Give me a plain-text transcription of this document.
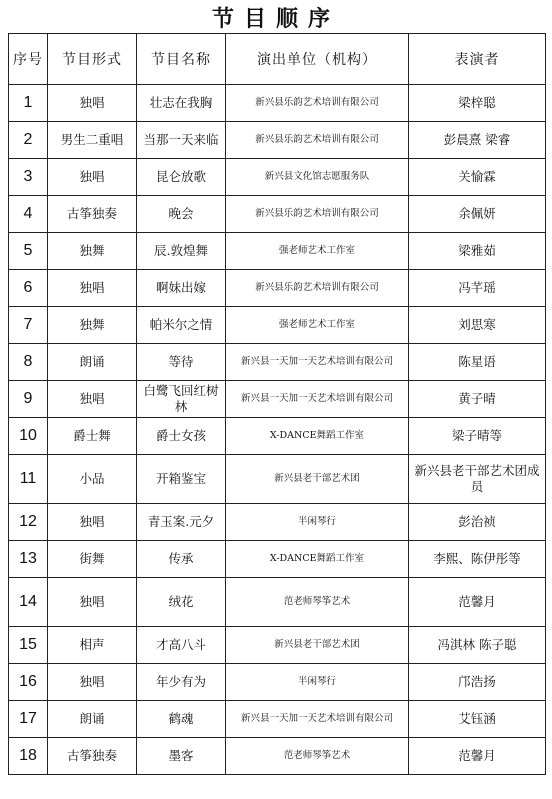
节目顺序
序号	节目形式	节目名称	演出单位（机构）	表演者
1	独唱	壮志在我胸	新兴县乐韵艺术培训有限公司	梁梓聪
2	男生二重唱	当那一天来临	新兴县乐韵艺术培训有限公司	彭晨熹 梁睿
3	独唱	昆仑放歌	新兴县文化馆志愿服务队	关愉霖
4	古筝独奏	晚会	新兴县乐韵艺术培训有限公司	余佩妍
5	独舞	辰.敦煌舞	强老师艺术工作室	梁雅茹
6	独唱	啊妹出嫁	新兴县乐韵艺术培训有限公司	冯芊瑶
7	独舞	帕米尔之情	强老师艺术工作室	刘思寒
8	朗诵	等待	新兴县一天加一天艺术培训有限公司	陈星语
9	独唱	白鹭飞回红树林	新兴县一天加一天艺术培训有限公司	黄子晴
10	爵士舞	爵士女孩	X-DANCE舞蹈工作室	梁子晴等
11	小品	开箱鉴宝	新兴县老干部艺术团	新兴县老干部艺术团成员
12	独唱	青玉案.元夕	半闲琴行	彭治祯
13	街舞	传承	X-DANCE舞蹈工作室	李熙、陈伊彤等
14	独唱	绒花	范老师琴筝艺术	范馨月
15	相声	才高八斗	新兴县老干部艺术团	冯淇林 陈子聪
16	独唱	年少有为	半闲琴行	邝浩扬
17	朗诵	鹤魂	新兴县一天加一天艺术培训有限公司	艾钰涵
18	古筝独奏	墨客	范老师琴筝艺术	范馨月
